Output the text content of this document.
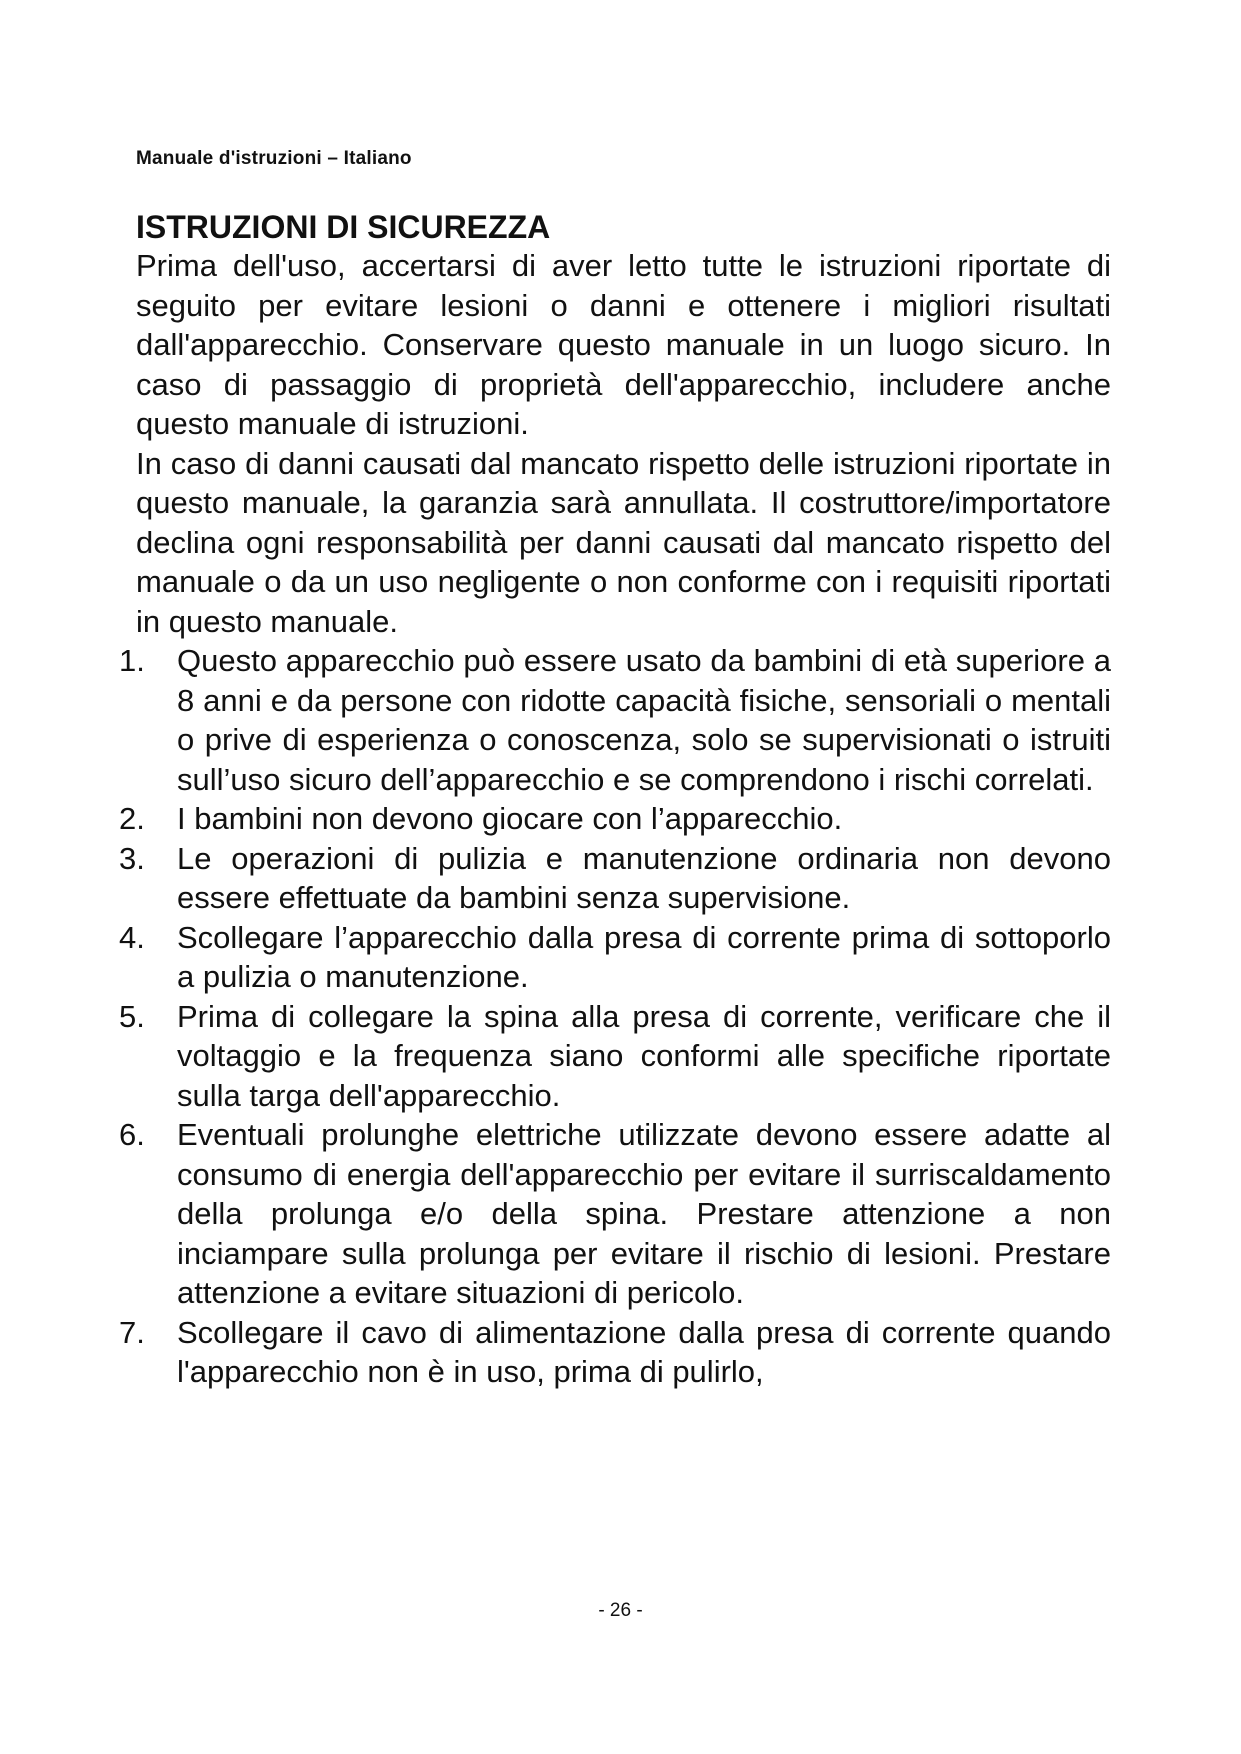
Manuale d'istruzioni – Italiano
ISTRUZIONI DI SICUREZZA

Prima dell'uso, accertarsi di aver letto tutte le istruzioni riportate di seguito per evitare lesioni o danni e ottenere i migliori risultati dall'apparecchio. Conservare questo manuale in un luogo sicuro. In caso di passaggio di proprietà dell'apparecchio, includere anche questo manuale di istruzioni.

In caso di danni causati dal mancato rispetto delle istruzioni riportate in questo manuale, la garanzia sarà annullata. Il costruttore/importatore declina ogni responsabilità per danni causati dal mancato rispetto del manuale o da un uso negligente o non conforme con i requisiti riportati in questo manuale.

1.	Questo apparecchio può essere usato da bambini di età superiore a 8 anni e da persone con ridotte capacità fisiche, sensoriali o mentali o prive di esperienza o conoscenza, solo se supervisionati o istruiti sull’uso sicuro dell’apparecchio e se comprendono i rischi correlati.
2.	I bambini non devono giocare con l’apparecchio.
3.	Le operazioni di pulizia e manutenzione ordinaria non devono essere effettuate da bambini senza supervisione.
4.	Scollegare l’apparecchio dalla presa di corrente prima di sottoporlo a pulizia o manutenzione.
5.	Prima di collegare la spina alla presa di corrente, verificare che il voltaggio e la frequenza siano conformi alle specifiche riportate sulla targa dell'apparecchio.
6.	Eventuali prolunghe elettriche utilizzate devono essere adatte al consumo di energia dell'apparecchio per evitare il surriscaldamento della prolunga e/o della spina. Prestare attenzione a non inciampare sulla prolunga per evitare il rischio di lesioni. Prestare attenzione a evitare situazioni di pericolo.
7.	Scollegare il cavo di alimentazione dalla presa di corrente quando l'apparecchio non è in uso, prima di pulirlo,
- 26 -
